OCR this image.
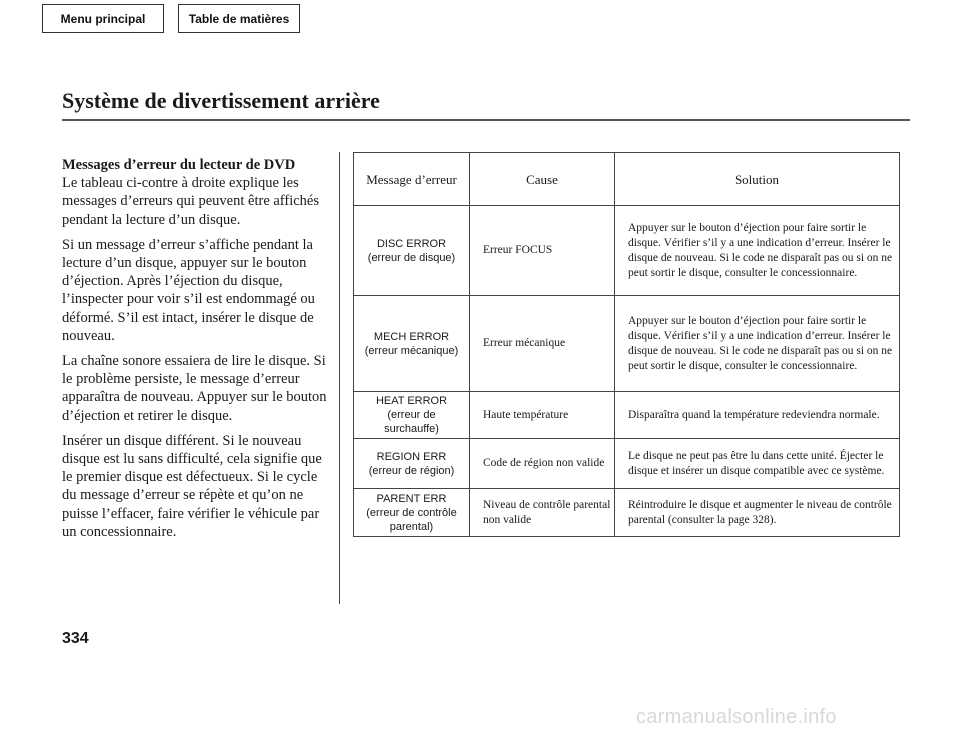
Menu principal	Table de matières
Système de divertissement arrière
Messages d’erreur du lecteur de DVD

Le tableau ci-contre à droite explique les messages d’erreurs qui peuvent être affichés pendant la lecture d’un disque.

Si un message d’erreur s’affiche pendant la lecture d’un disque, appuyer sur le bouton d’éjection. Après l’éjection du disque, l’inspecter pour voir s’il est endommagé ou déformé. S’il est intact, insérer le disque de nouveau.

La chaîne sonore essaiera de lire le disque. Si le problème persiste, le message d’erreur apparaîtra de nouveau. Appuyer sur le bouton d’éjection et retirer le disque.

Insérer un disque différent. Si le nouveau disque est lu sans difficulté, cela signifie que le premier disque est défectueux. Si le cycle du message d’erreur se répète et qu’on ne puisse l’effacer, faire vérifier le véhicule par un concessionnaire.

Message d’erreur	Cause	Solution

DISC ERROR
(erreur de disque)	Erreur FOCUS	Appuyer sur le bouton d’éjection pour faire sortir le disque. Vérifier s’il y a une indication d’erreur. Insérer le disque de nouveau. Si le code ne disparaît pas ou si on ne peut sortir le disque, consulter le concessionnaire.

MECH ERROR
(erreur mécanique)	Erreur mécanique	Appuyer sur le bouton d’éjection pour faire sortir le disque. Vérifier s’il y a une indication d’erreur. Insérer le disque de nouveau. Si le code ne disparaît pas ou si on ne peut sortir le disque, consulter le concessionnaire.

HEAT ERROR
(erreur de
surchauffe)	Haute température	Disparaîtra quand la température redeviendra normale.

REGION ERR
(erreur de région)	Code de région non valide	Le disque ne peut pas être lu dans cette unité. Éjecter le disque et insérer un disque compatible avec ce système.

PARENT ERR
(erreur de contrôle
parental)	Niveau de contrôle parental non valide	Réintroduire le disque et augmenter le niveau de contrôle parental (consulter la page 328).
334
carmanualsonline.info
